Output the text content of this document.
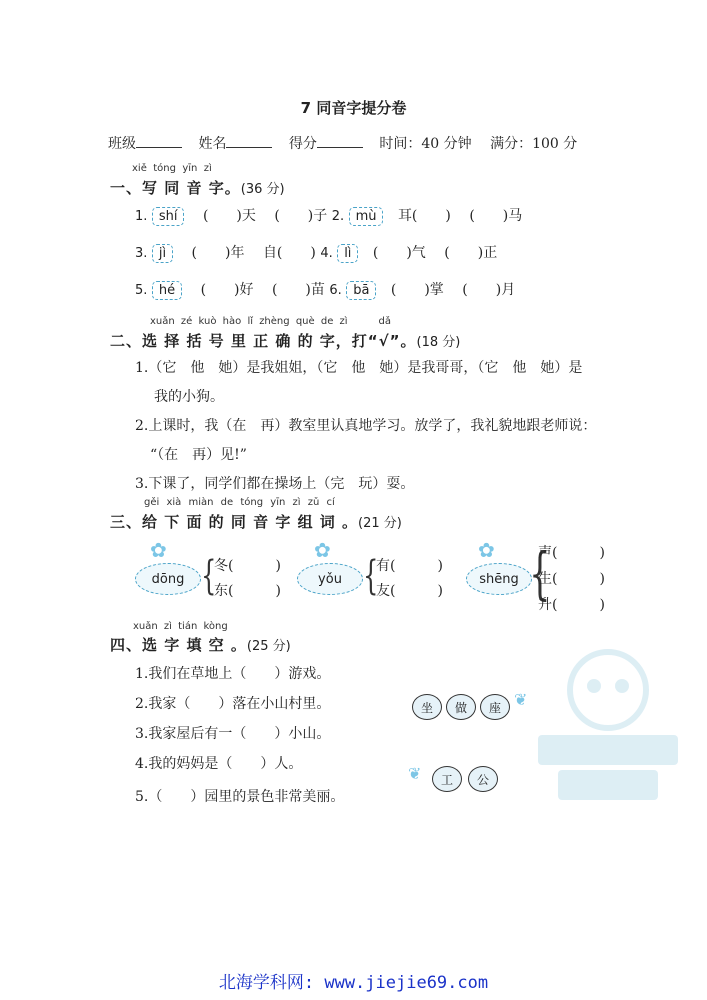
7 同音字提分卷
班级	姓名	得分	时间：40 分钟 满分：100 分
xiě tóng yīn zì
一、写 同 音 字。(36 分)
1. shí (　　)天 (　　)子 2. mù 耳(　　) (　　)马
3. jì (　　)年 自(　　) 4. lì (　　)气 (　　)正
5. hé (　　)好 (　　)苗 6. bā (　　)掌 (　　)月
xuǎn zé kuò hào lǐ zhèng què de zì	dǎ
二、选 择 括 号 里 正 确 的 字，打“√”。(18 分)
1.（它　他　她）是我姐姐，（它　他　她）是我哥哥，（它　他　她）是
我的小狗。
2.上课时，我（在　再）教室里认真地学习。放学了，我礼貌地跟老师说：
“（在　再）见!”
3.下课了，同学们都在操场上（完　玩）耍。
gěi xià miàn de tóng yīn zì zǔ cí
三、给 下 面 的 同 音 字 组 词 。(21 分)
✿
dōng {
冬(　　　)
东(　　　)
✿
yǒu {
有(　　　)
友(　　　)
✿
shēng {
声(　　　)
生(　　　)
升(　　　)
xuǎn zì tián kòng
四、选 字 填 空 。(25 分)
1.我们在草地上（　　）游戏。
2.我家（　　）落在小山村里。
3.我家屋后有一（　　）小山。
4.我的妈妈是（　　）人。
5.（　　）园里的景色非常美丽。
坐 做 座 ❦
工 公
❦
北海学科网: www.jiejie69.com
